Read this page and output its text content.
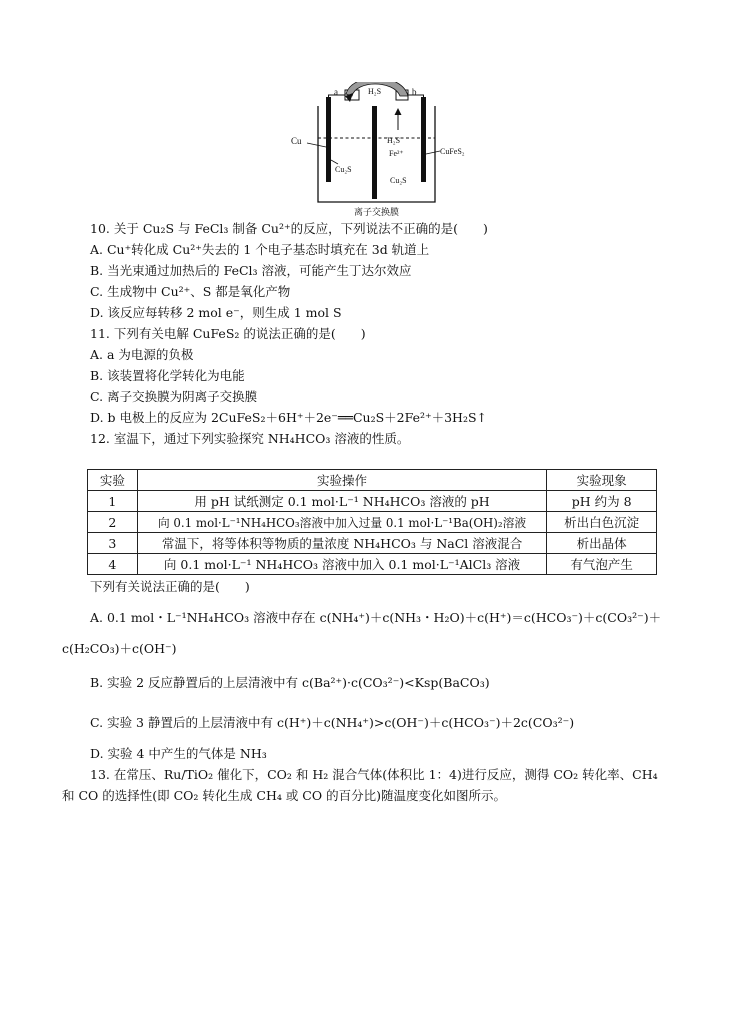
a	b
H₂S
Cu
Cu₂S
H₂S
Fe²⁺	CuFeS₂
Cu₂S
离子交换膜
10. 关于 Cu₂S 与 FeCl₃ 制备 Cu²⁺的反应，下列说法不正确的是(　　)
A. Cu⁺转化成 Cu²⁺失去的 1 个电子基态时填充在 3d 轨道上
B. 当光束通过加热后的 FeCl₃ 溶液，可能产生丁达尔效应
C. 生成物中 Cu²⁺、S 都是氧化产物
D. 该反应每转移 2 mol e⁻，则生成 1 mol S
11. 下列有关电解 CuFeS₂ 的说法正确的是(　　)
A. a 为电源的负极
B. 该装置将化学转化为电能
C. 离子交换膜为阴离子交换膜
D. b 电极上的反应为 2CuFeS₂＋6H⁺＋2e⁻══Cu₂S＋2Fe²⁺＋3H₂S↑
12. 室温下，通过下列实验探究 NH₄HCO₃ 溶液的性质。
实验	实验操作	实验现象
1	用 pH 试纸测定 0.1 mol·L⁻¹ NH₄HCO₃ 溶液的 pH	pH 约为 8
2	向 0.1 mol·L⁻¹NH₄HCO₃溶液中加入过量 0.1 mol·L⁻¹Ba(OH)₂溶液	析出白色沉淀
3	常温下，将等体积等物质的量浓度 NH₄HCO₃ 与 NaCl 溶液混合	析出晶体
4	向 0.1 mol·L⁻¹ NH₄HCO₃ 溶液中加入 0.1 mol·L⁻¹AlCl₃ 溶液	有气泡产生
下列有关说法正确的是(　　)
A. 0.1 mol・L⁻¹NH₄HCO₃ 溶液中存在 c(NH₄⁺)＋c(NH₃・H₂O)＋c(H⁺)＝c(HCO₃⁻)＋c(CO₃²⁻)＋
c(H₂CO₃)＋c(OH⁻)
B. 实验 2 反应静置后的上层清液中有 c(Ba²⁺)·c(CO₃²⁻)<Ksp(BaCO₃)
C. 实验 3 静置后的上层清液中有 c(H⁺)＋c(NH₄⁺)>c(OH⁻)＋c(HCO₃⁻)＋2c(CO₃²⁻)
D. 实验 4 中产生的气体是 NH₃
13. 在常压、Ru/TiO₂ 催化下，CO₂ 和 H₂ 混合气体(体积比 1：4)进行反应，测得 CO₂ 转化率、CH₄
和 CO 的选择性(即 CO₂ 转化生成 CH₄ 或 CO 的百分比)随温度变化如图所示。
